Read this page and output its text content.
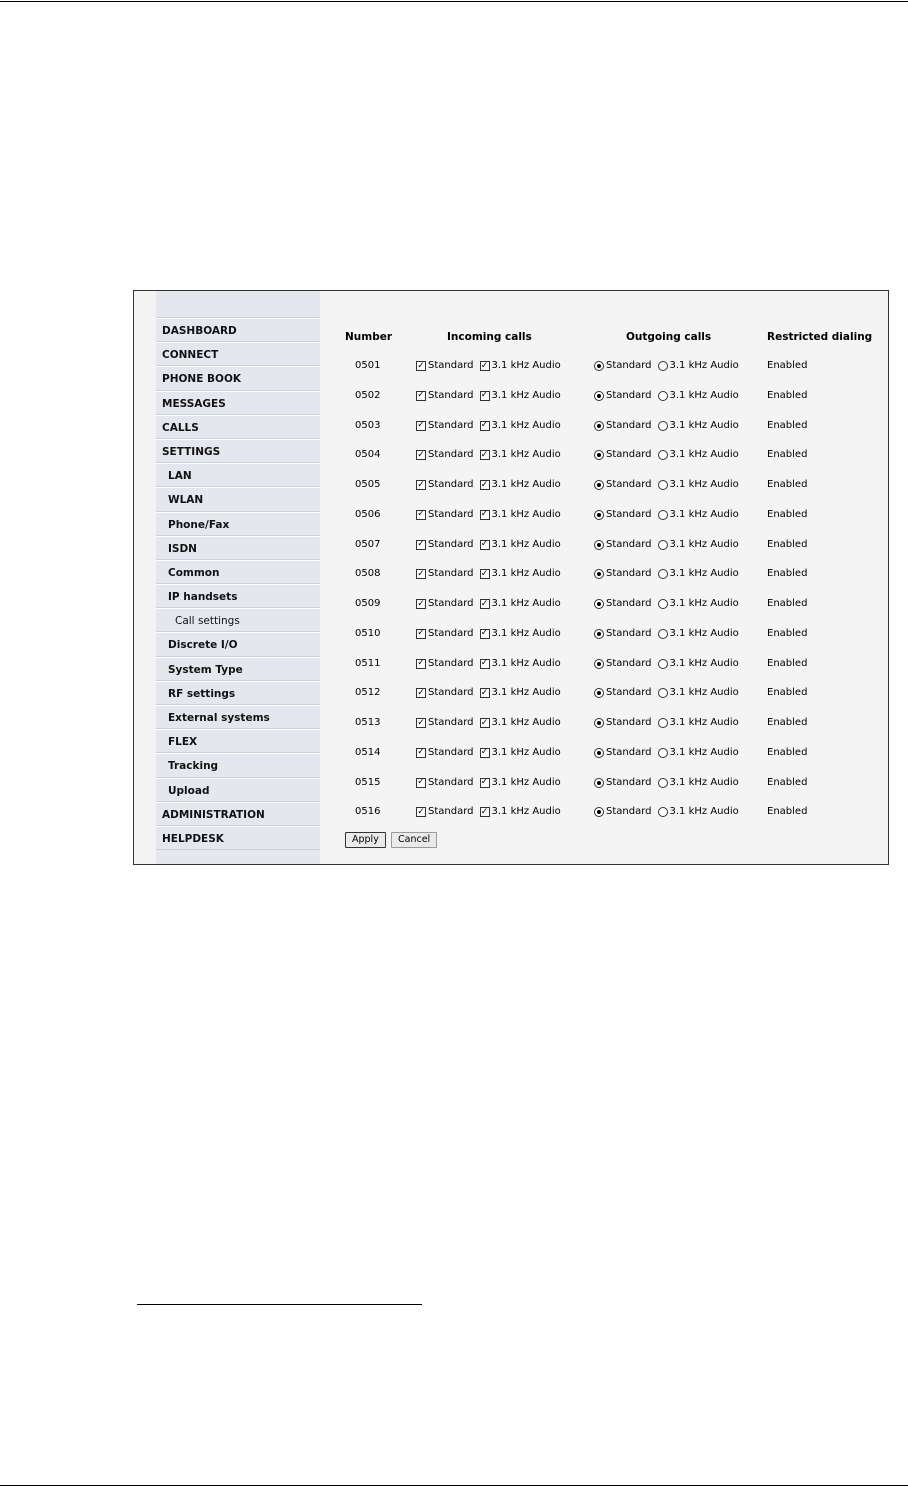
DASHBOARD
CONNECT
PHONE BOOK
MESSAGES
CALLS
SETTINGS
LAN
WLAN
Phone/Fax
ISDN
Common
IP handsets
Call settings
Discrete I/O
System Type
RF settings
External systems
FLEX
Tracking
Upload
ADMINISTRATION
HELPDESK
Number	Incoming calls	Outgoing calls	Restricted dialing
0501	✓ Standard ✓ 3.1 kHz Audio	Standard 3.1 kHz Audio	Enabled
0502	✓ Standard ✓ 3.1 kHz Audio	Standard 3.1 kHz Audio	Enabled
0503	✓ Standard ✓ 3.1 kHz Audio	Standard 3.1 kHz Audio	Enabled
0504	✓ Standard ✓ 3.1 kHz Audio	Standard 3.1 kHz Audio	Enabled
0505	✓ Standard ✓ 3.1 kHz Audio	Standard 3.1 kHz Audio	Enabled
0506	✓ Standard ✓ 3.1 kHz Audio	Standard 3.1 kHz Audio	Enabled
0507	✓ Standard ✓ 3.1 kHz Audio	Standard 3.1 kHz Audio	Enabled
0508	✓ Standard ✓ 3.1 kHz Audio	Standard 3.1 kHz Audio	Enabled
0509	✓ Standard ✓ 3.1 kHz Audio	Standard 3.1 kHz Audio	Enabled
0510	✓ Standard ✓ 3.1 kHz Audio	Standard 3.1 kHz Audio	Enabled
0511	✓ Standard ✓ 3.1 kHz Audio	Standard 3.1 kHz Audio	Enabled
0512	✓ Standard ✓ 3.1 kHz Audio	Standard 3.1 kHz Audio	Enabled
0513	✓ Standard ✓ 3.1 kHz Audio	Standard 3.1 kHz Audio	Enabled
0514	✓ Standard ✓ 3.1 kHz Audio	Standard 3.1 kHz Audio	Enabled
0515	✓ Standard ✓ 3.1 kHz Audio	Standard 3.1 kHz Audio	Enabled
0516	✓ Standard ✓ 3.1 kHz Audio	Standard 3.1 kHz Audio	Enabled
Apply	Cancel
